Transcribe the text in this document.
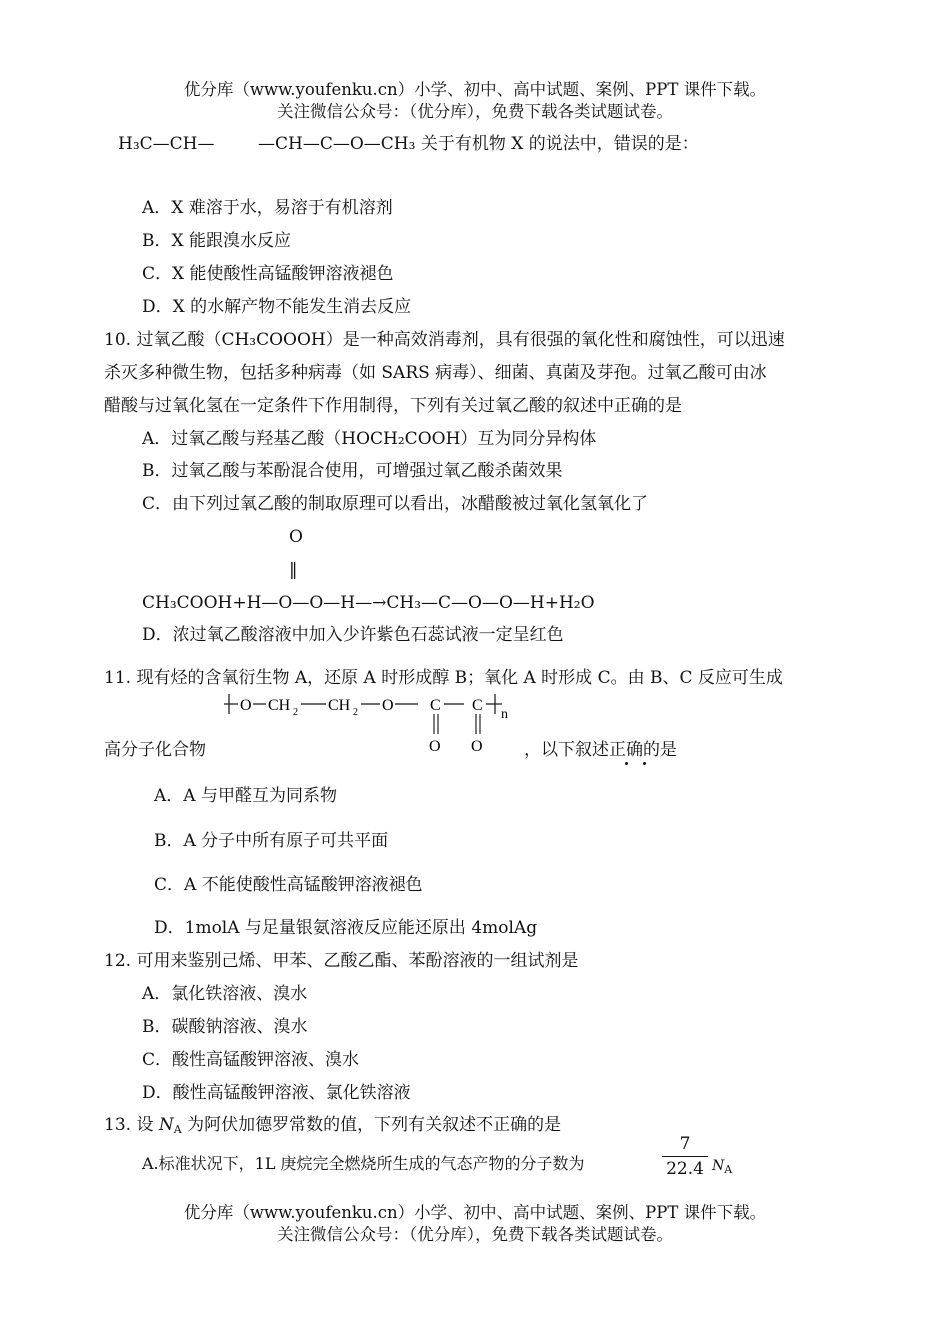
优分库（www.youfenku.cn）小学、初中、高中试题、案例、PPT 课件下载。
关注微信公众号：（优分库），免费下载各类试题试卷。
H₃C—CH—	—CH—C—O—CH₃ 关于有机物 X 的说法中，错误的是：
A．X 难溶于水，易溶于有机溶剂
B．X 能跟溴水反应
C．X 能使酸性高锰酸钾溶液褪色
D．X 的水解产物不能发生消去反应
10. 过氧乙酸（CH₃COOOH）是一种高效消毒剂，具有很强的氧化性和腐蚀性，可以迅速
杀灭多种微生物，包括多种病毒（如 SARS 病毒）、细菌、真菌及芽孢。过氧乙酸可由冰
醋酸与过氧化氢在一定条件下作用制得，下列有关过氧乙酸的叙述中正确的是
A．过氧乙酸与羟基乙酸（HOCH₂COOH）互为同分异构体
B．过氧乙酸与苯酚混合使用，可增强过氧乙酸杀菌效果
C．由下列过氧乙酸的制取原理可以看出，冰醋酸被过氧化氢氧化了
O
‖
CH₃COOH+H—O—O—H—→CH₃—C—O—O—H+H₂O
D．浓过氧乙酸溶液中加入少许紫色石蕊试液一定呈红色
11. 现有烃的含氧衍生物 A，还原 A 时形成醇 B；氧化 A 时形成 C。由 B、C 反应可生成
O CH 2 CH 2 O C C
n
O O
高分子化合物	，以下叙述正确的是
A．A 与甲醛互为同系物
B．A 分子中所有原子可共平面
C．A 不能使酸性高锰酸钾溶液褪色
D．1molA 与足量银氨溶液反应能还原出 4molAg
12. 可用来鉴别己烯、甲苯、乙酸乙酯、苯酚溶液的一组试剂是
A．氯化铁溶液、溴水
B．碳酸钠溶液、溴水
C．酸性高锰酸钾溶液、溴水
D．酸性高锰酸钾溶液、氯化铁溶液
13. 设 $N_A$ 为阿伏加德罗常数的值，下列有关叙述不正确的是
A.标准状况下，1L 庚烷完全燃烧所生成的气态产物的分子数为
7
22.4 $N_A$
优分库（www.youfenku.cn）小学、初中、高中试题、案例、PPT 课件下载。
关注微信公众号：（优分库），免费下载各类试题试卷。
